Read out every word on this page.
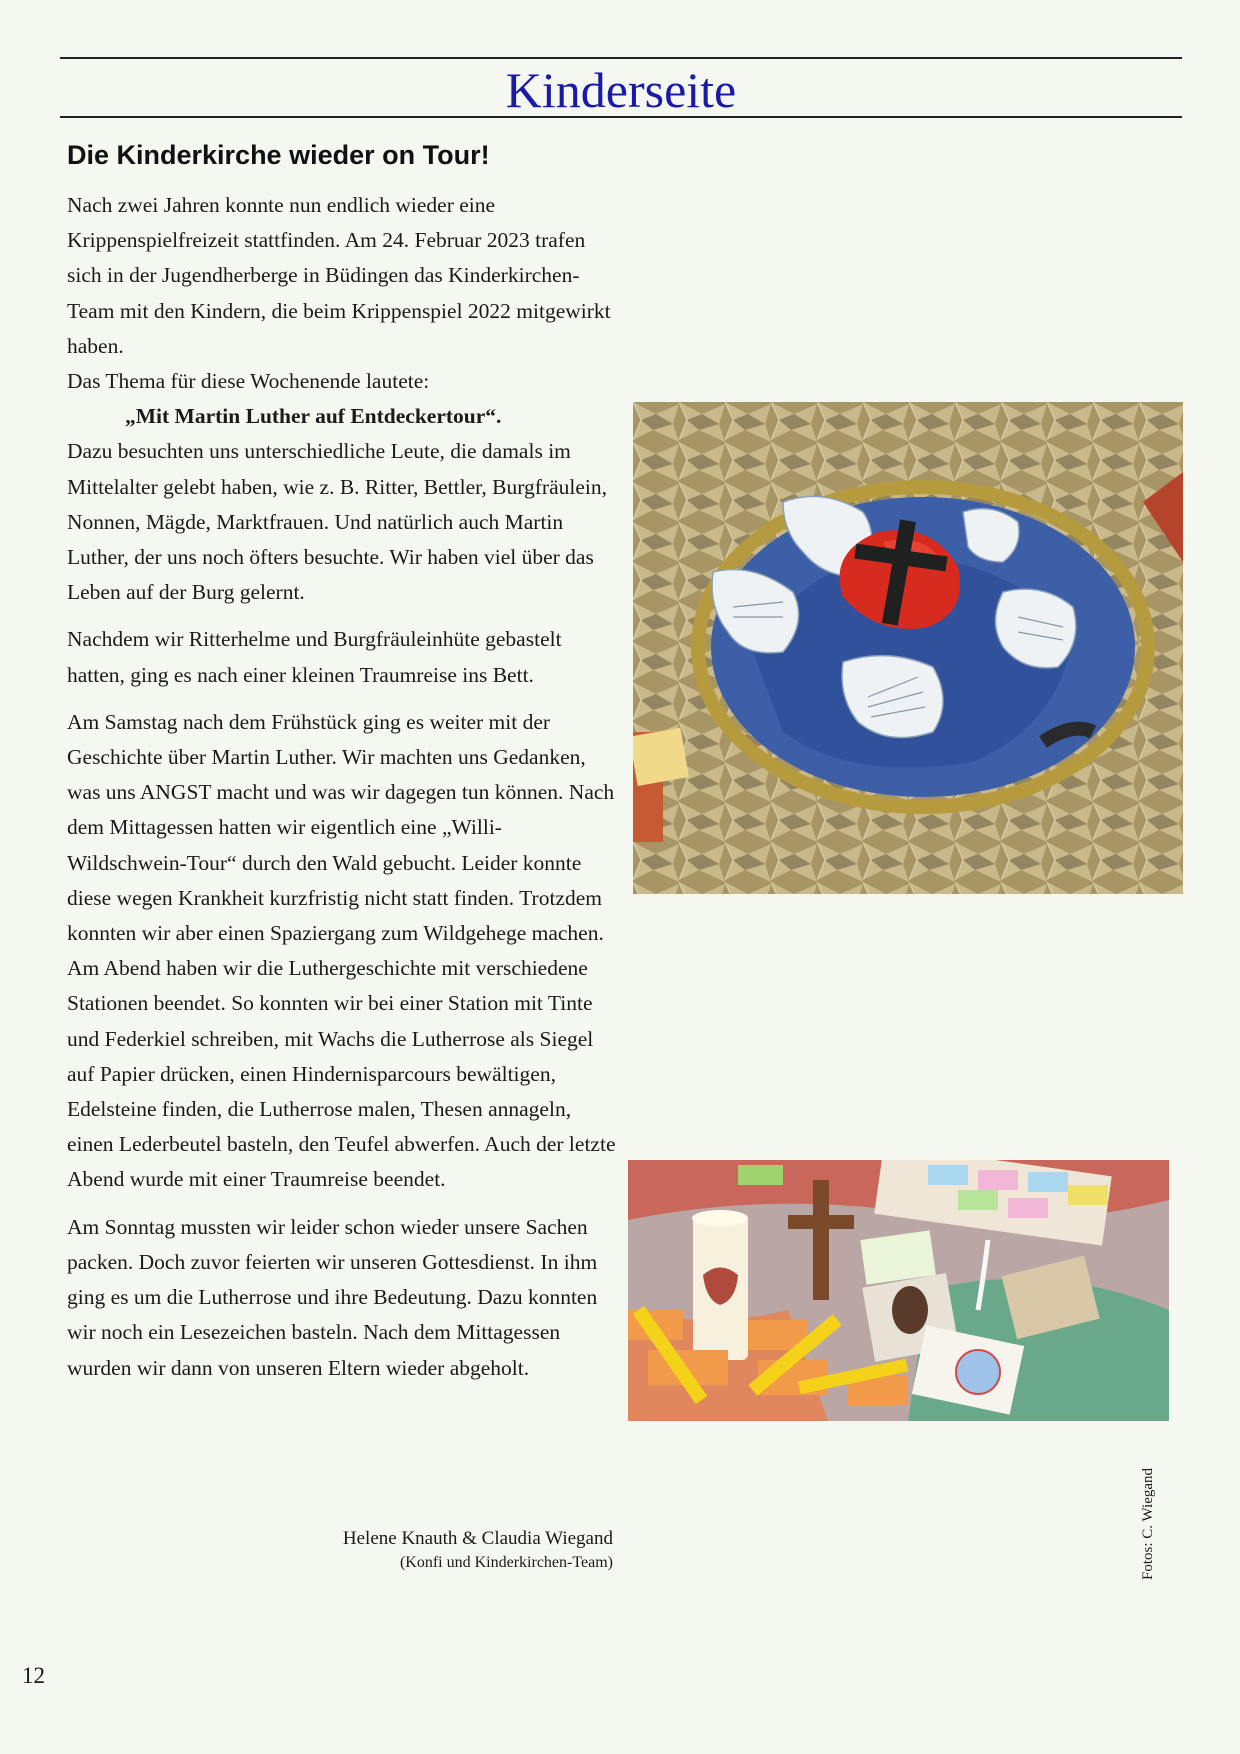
Kinderseite
Die Kinderkirche wieder on Tour!

Nach zwei Jahren konnte nun endlich wieder eine Krippenspielfreizeit stattfinden. Am 24. Februar 2023 trafen sich in der Jugendherberge in Büdingen das Kinderkirchen-Team mit den Kindern, die beim Krippenspiel 2022 mitgewirkt haben.

Das Thema für diese Wochenende lautete:

„Mit Martin Luther auf Entdeckertour“.

Dazu besuchten uns unterschiedliche Leute, die damals im Mittelalter gelebt haben, wie z. B. Ritter, Bettler, Burgfräulein, Nonnen, Mägde, Marktfrauen. Und natürlich auch Martin Luther, der uns noch öfters besuchte. Wir haben viel über das Leben auf der Burg gelernt.

Nachdem wir Ritterhelme und Burgfräuleinhüte gebastelt hatten, ging es nach einer kleinen Traumreise ins Bett.

Am Samstag nach dem Frühstück ging es weiter mit der Geschichte über Martin Luther. Wir machten uns Gedanken, was uns ANGST macht und was wir dagegen tun können. Nach dem Mittagessen hatten wir eigentlich eine „Willi-Wildschwein-Tour“ durch den Wald gebucht. Leider konnte diese wegen Krankheit kurzfristig nicht statt finden. Trotzdem konnten wir aber einen Spaziergang zum Wildgehege machen. Am Abend haben wir die Luthergeschichte mit verschiedene Stationen beendet. So konnten wir bei einer Station mit Tinte und Federkiel schreiben, mit Wachs die Lutherrose als Siegel auf Papier drücken, einen Hindernisparcours bewältigen, Edelsteine finden, die Lutherrose malen, Thesen annageln, einen Lederbeutel basteln, den Teufel abwerfen. Auch der letzte Abend wurde mit einer Traumreise beendet.

Am Sonntag mussten wir leider schon wieder unsere Sachen packen. Doch zuvor feierten wir unseren Gottesdienst. In ihm ging es um die Lutherrose und ihre Bedeutung. Dazu konnten wir noch ein Lesezeichen basteln. Nach dem Mittagessen wurden wir dann von unseren Eltern wieder abgeholt.

Helene Knauth & Claudia Wiegand
(Konfi und Kinderkirchen-Team)	Fotos: C. Wiegand
12
